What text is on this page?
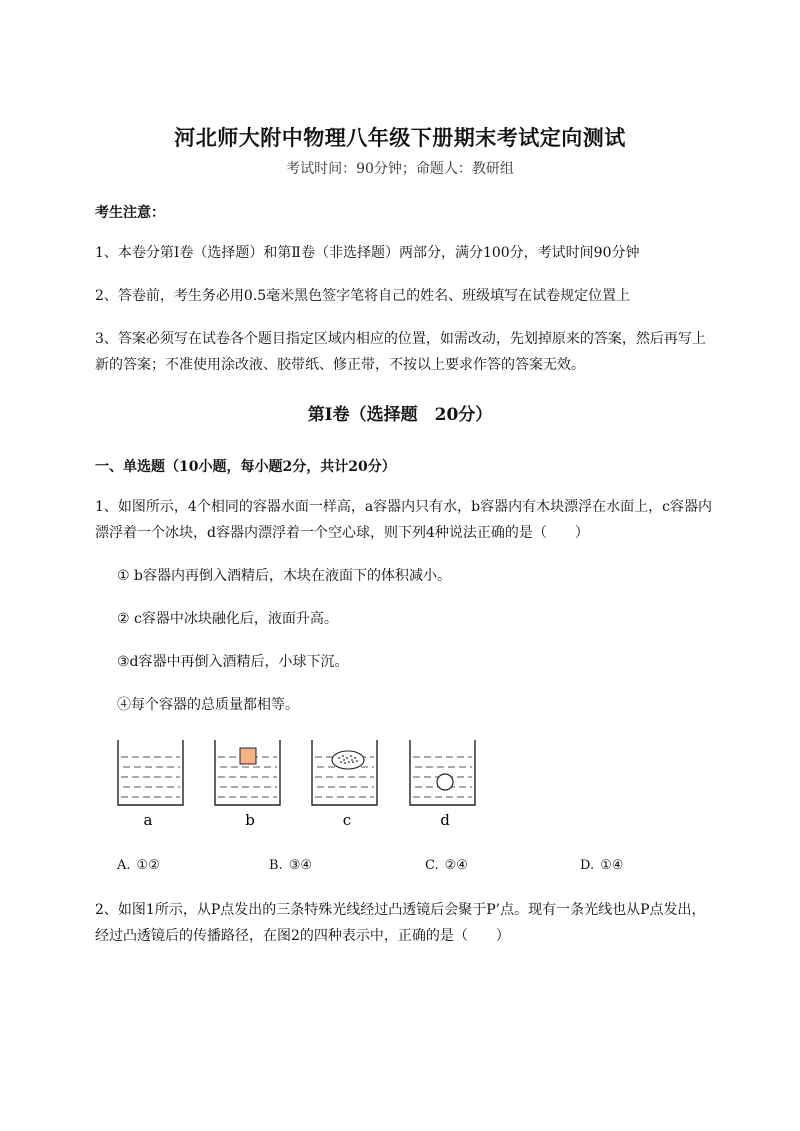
河北师大附中物理八年级下册期末考试定向测试
考试时间：90分钟；命题人：教研组
考生注意：
1、本卷分第I卷（选择题）和第Ⅱ卷（非选择题）两部分，满分100分，考试时间90分钟
2、答卷前，考生务必用0.5毫米黑色签字笔将自己的姓名、班级填写在试卷规定位置上
3、答案必须写在试卷各个题目指定区域内相应的位置，如需改动，先划掉原来的答案，然后再写上新的答案；不准使用涂改液、胶带纸、修正带，不按以上要求作答的答案无效。
第I卷（选择题　20分）
一、单选题（10小题，每小题2分，共计20分）
1、如图所示，4个相同的容器水面一样高，a容器内只有水，b容器内有木块漂浮在水面上，c容器内漂浮着一个冰块，d容器内漂浮着一个空心球，则下列4种说法正确的是（　　）
① b容器内再倒入酒精后，木块在液面下的体积减小。
② c容器中冰块融化后，液面升高。
③d容器中再倒入酒精后，小球下沉。
④每个容器的总质量都相等。
a	b	c	d
A. ①②	B. ③④	C. ②④	D. ①④
2、如图1所示，从P点发出的三条特殊光线经过凸透镜后会聚于P’点。现有一条光线也从P点发出，经过凸透镜后的传播路径，在图2的四种表示中，正确的是（　　）
